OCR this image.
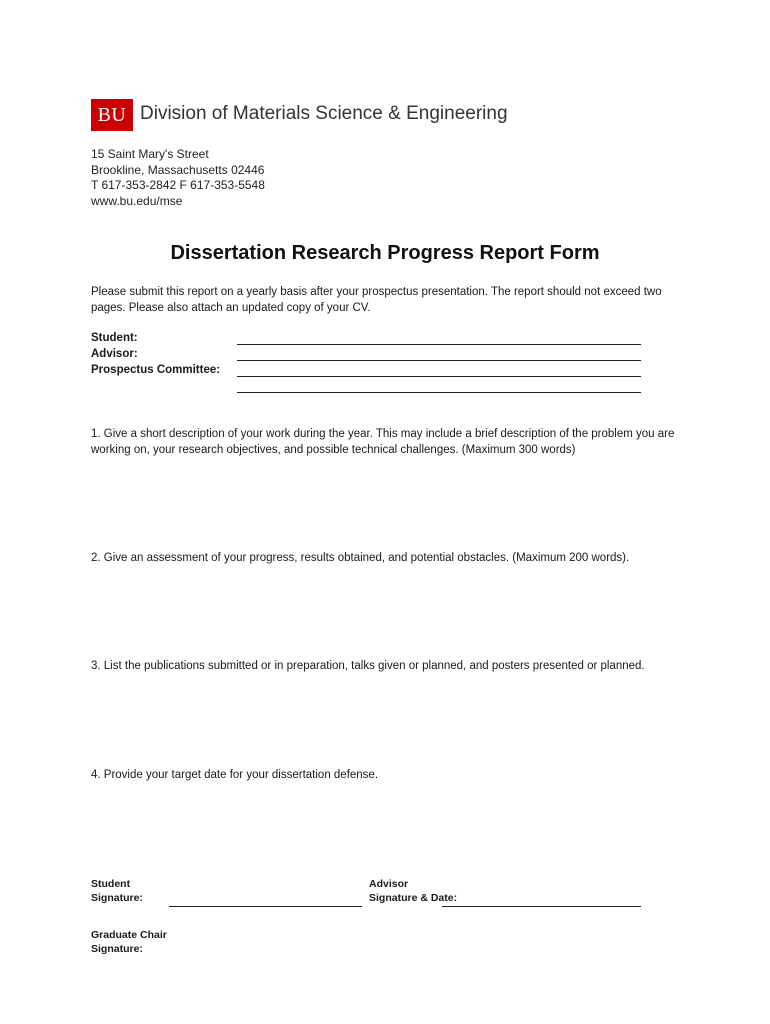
BU Division of Materials Science & Engineering
15 Saint Mary's Street
Brookline, Massachusetts 02446
T 617-353-2842 F 617-353-5548
www.bu.edu/mse
Dissertation Research Progress Report Form
Please submit this report on a yearly basis after your prospectus presentation. The report should not exceed two pages. Please also attach an updated copy of your CV.
Student:
Advisor:
Prospectus Committee:
1. Give a short description of your work during the year. This may include a brief description of the problem you are working on, your research objectives, and possible technical challenges. (Maximum 300 words)
2. Give an assessment of your progress, results obtained, and potential obstacles. (Maximum 200 words).
3. List the publications submitted or in preparation, talks given or planned, and posters presented or planned.
4. Provide your target date for your dissertation defense.
Student
Signature:
Advisor
Signature & Date:
Graduate Chair
Signature:
